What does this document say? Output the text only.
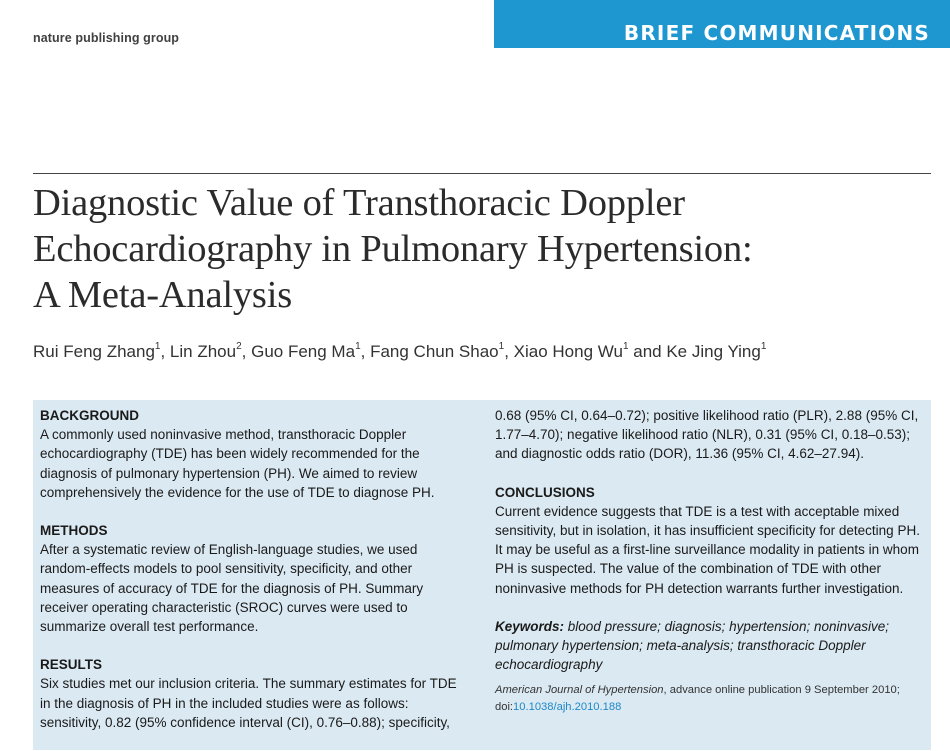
nature publishing group	BRIEF COMMUNICATIONS
Diagnostic Value of Transthoracic Doppler
Echocardiography in Pulmonary Hypertension:
A Meta-Analysis
Rui Feng Zhang$^1$, Lin Zhou$^2$, Guo Feng Ma$^1$, Fang Chun Shao$^1$, Xiao Hong Wu$^1$ and Ke Jing Ying$^1$
BACKGROUND

A commonly used noninvasive method, transthoracic Doppler echocardiography (TDE) has been widely recommended for the diagnosis of pulmonary hypertension (PH). We aimed to review comprehensively the evidence for the use of TDE to diagnose PH.

METHODS

After a systematic review of English-language studies, we used random-effects models to pool sensitivity, specificity, and other measures of accuracy of TDE for the diagnosis of PH. Summary receiver operating characteristic (SROC) curves were used to summarize overall test performance.

RESULTS

Six studies met our inclusion criteria. The summary estimates for TDE in the diagnosis of PH in the included studies were as follows: sensitivity, 0.82 (95% confidence interval (CI), 0.76–0.88); specificity,

0.68 (95% CI, 0.64–0.72); positive likelihood ratio (PLR), 2.88 (95% CI, 1.77–4.70); negative likelihood ratio (NLR), 0.31 (95% CI, 0.18–0.53); and diagnostic odds ratio (DOR), 11.36 (95% CI, 4.62–27.94).

CONCLUSIONS

Current evidence suggests that TDE is a test with acceptable mixed sensitivity, but in isolation, it has insufficient specificity for detecting PH. It may be useful as a first-line surveillance modality in patients in whom PH is suspected. The value of the combination of TDE with other noninvasive methods for PH detection warrants further investigation.

Keywords: blood pressure; diagnosis; hypertension; noninvasive; pulmonary hypertension; meta-analysis; transthoracic Doppler echocardiography

American Journal of Hypertension, advance online publication 9 September 2010;
doi:10.1038/ajh.2010.188
